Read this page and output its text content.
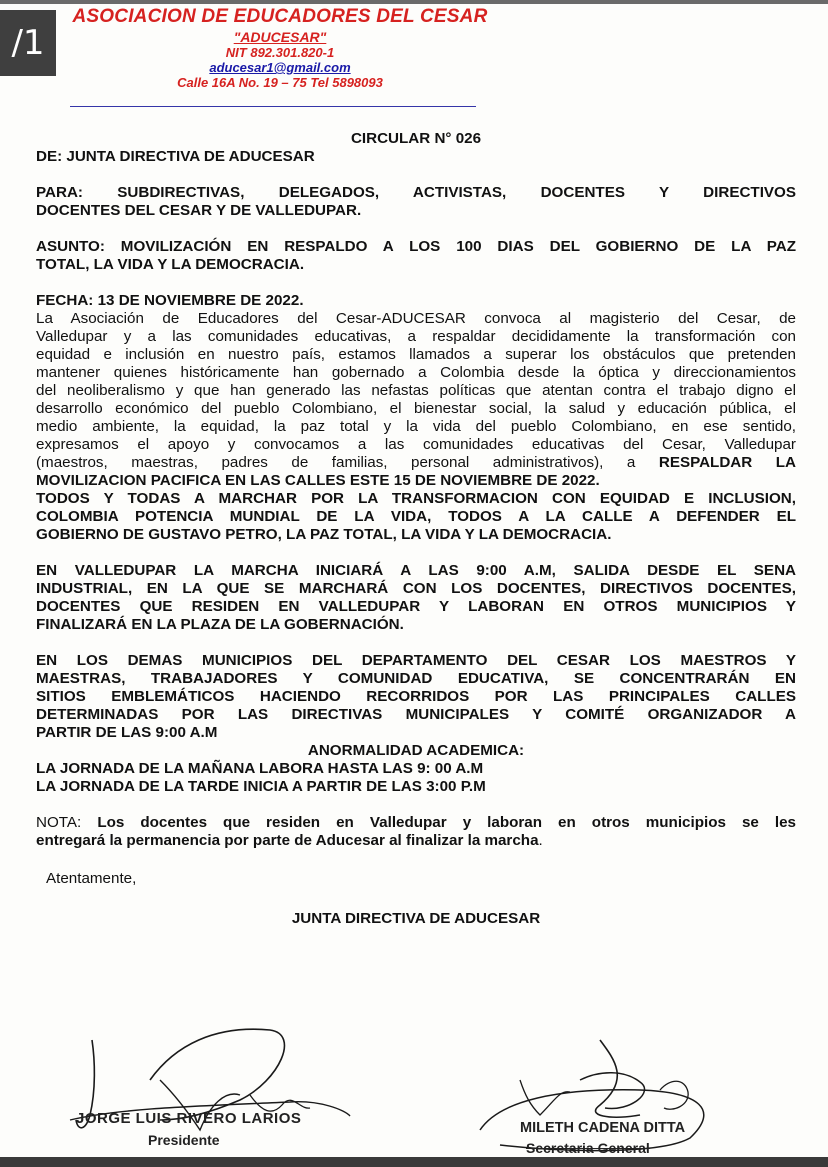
/1
ASOCIACION DE EDUCADORES DEL CESAR
"ADUCESAR"
NIT 892.301.820-1
aducesar1@gmail.com
Calle 16A No. 19 – 75 Tel 5898093

CIRCULAR N° 026

DE: JUNTA DIRECTIVA DE ADUCESAR

PARA: SUBDIRECTIVAS, DELEGADOS, ACTIVISTAS, DOCENTES Y DIRECTIVOS

DOCENTES DEL CESAR Y DE VALLEDUPAR.

ASUNTO: MOVILIZACIÓN EN RESPALDO A LOS 100 DIAS DEL GOBIERNO DE LA PAZ

TOTAL, LA VIDA Y LA DEMOCRACIA.

FECHA: 13 DE NOVIEMBRE DE 2022.

La Asociación de Educadores del Cesar-ADUCESAR convoca al magisterio del Cesar, de

Valledupar y a las comunidades educativas, a respaldar decididamente la transformación con

equidad e inclusión en nuestro país, estamos llamados a superar los obstáculos que pretenden

mantener quienes históricamente han gobernado a Colombia desde la óptica y direccionamientos

del neoliberalismo y que han generado las nefastas políticas que atentan contra el trabajo digno el

desarrollo económico del pueblo Colombiano, el bienestar social, la salud y educación pública, el

medio ambiente, la equidad, la paz total y la vida del pueblo Colombiano, en ese sentido,

expresamos el apoyo y convocamos a las comunidades educativas del Cesar, Valledupar

(maestros, maestras, padres de familias, personal administrativos), a RESPALDAR LA

MOVILIZACION PACIFICA EN LAS CALLES ESTE 15 DE NOVIEMBRE DE 2022.

TODOS Y TODAS A MARCHAR POR LA TRANSFORMACION CON EQUIDAD E INCLUSION,

COLOMBIA POTENCIA MUNDIAL DE LA VIDA, TODOS A LA CALLE A DEFENDER EL

GOBIERNO DE GUSTAVO PETRO, LA PAZ TOTAL, LA VIDA Y LA DEMOCRACIA.

EN VALLEDUPAR LA MARCHA INICIARÁ A LAS 9:00 A.M, SALIDA DESDE EL SENA

INDUSTRIAL, EN LA QUE SE MARCHARÁ CON LOS DOCENTES, DIRECTIVOS DOCENTES,

DOCENTES QUE RESIDEN EN VALLEDUPAR Y LABORAN EN OTROS MUNICIPIOS Y

FINALIZARÁ EN LA PLAZA DE LA GOBERNACIÓN.

EN LOS DEMAS MUNICIPIOS DEL DEPARTAMENTO DEL CESAR LOS MAESTROS Y

MAESTRAS, TRABAJADORES Y COMUNIDAD EDUCATIVA, SE CONCENTRARÁN EN

SITIOS EMBLEMÁTICOS HACIENDO RECORRIDOS POR LAS PRINCIPALES CALLES

DETERMINADAS POR LAS DIRECTIVAS MUNICIPALES Y COMITÉ ORGANIZADOR A

PARTIR DE LAS 9:00 A.M

ANORMALIDAD ACADEMICA:

LA JORNADA DE LA MAÑANA LABORA HASTA LAS 9: 00 A.M

LA JORNADA DE LA TARDE INICIA A PARTIR DE LAS 3:00 P.M

NOTA: Los docentes que residen en Valledupar y laboran en otros municipios se les

entregará la permanencia por parte de Aducesar al finalizar la marcha.

Atentamente,

JUNTA DIRECTIVA DE ADUCESAR

JORGE LUIS RIVERO LARIOS
Presidente
MILETH CADENA DITTA
Secretaria General
